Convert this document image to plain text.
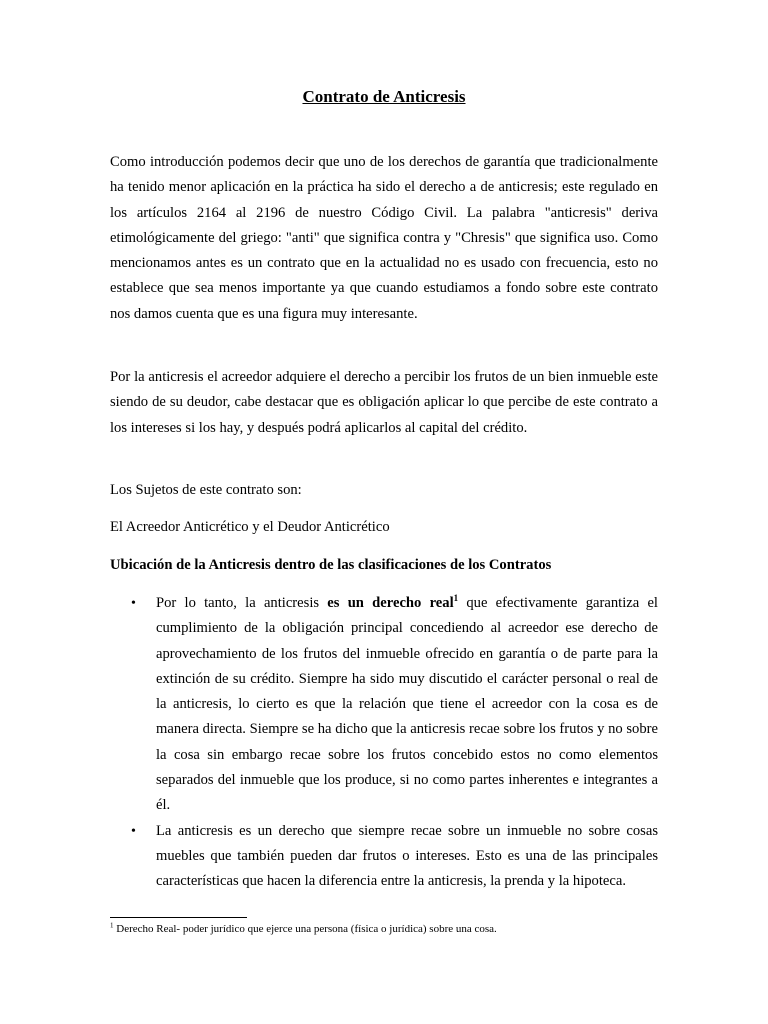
Contrato de Anticresis

Como introducción podemos decir que uno de los derechos de garantía que tradicionalmente ha tenido menor aplicación en la práctica ha sido el derecho a de anticresis; este regulado en los artículos 2164 al 2196 de nuestro Código Civil. La palabra "anticresis" deriva etimológicamente del griego: "anti" que significa contra y "Chresis" que significa uso. Como mencionamos antes es un contrato que en la actualidad no es usado con frecuencia, esto no establece que sea menos importante ya que cuando estudiamos a fondo sobre este contrato nos damos cuenta que es una figura muy interesante.

Por la anticresis el acreedor adquiere el derecho a percibir los frutos de un bien inmueble este siendo de su deudor, cabe destacar que es obligación aplicar lo que percibe de este contrato a los intereses si los hay, y después podrá aplicarlos al capital del crédito.

Los Sujetos de este contrato son:

El Acreedor Anticrético y el Deudor Anticrético

Ubicación de la Anticresis dentro de las clasificaciones de los Contratos

• Por lo tanto, la anticresis es un derecho real$^1$ que efectivamente garantiza el cumplimiento de la obligación principal concediendo al acreedor ese derecho de aprovechamiento de los frutos del inmueble ofrecido en garantía o de parte para la extinción de su crédito. Siempre ha sido muy discutido el carácter personal o real de la anticresis, lo cierto es que la relación que tiene el acreedor con la cosa es de manera directa. Siempre se ha dicho que la anticresis recae sobre los frutos y no sobre la cosa sin embargo recae sobre los frutos concebido estos no como elementos separados del inmueble que los produce, si no como partes inherentes e integrantes a él.
• La anticresis es un derecho que siempre recae sobre un inmueble no sobre cosas muebles que también pueden dar frutos o intereses. Esto es una de las principales características que hacen la diferencia entre la anticresis, la prenda y la hipoteca.

$^1$ Derecho Real- poder jurídico que ejerce una persona (física o jurídica) sobre una cosa.
